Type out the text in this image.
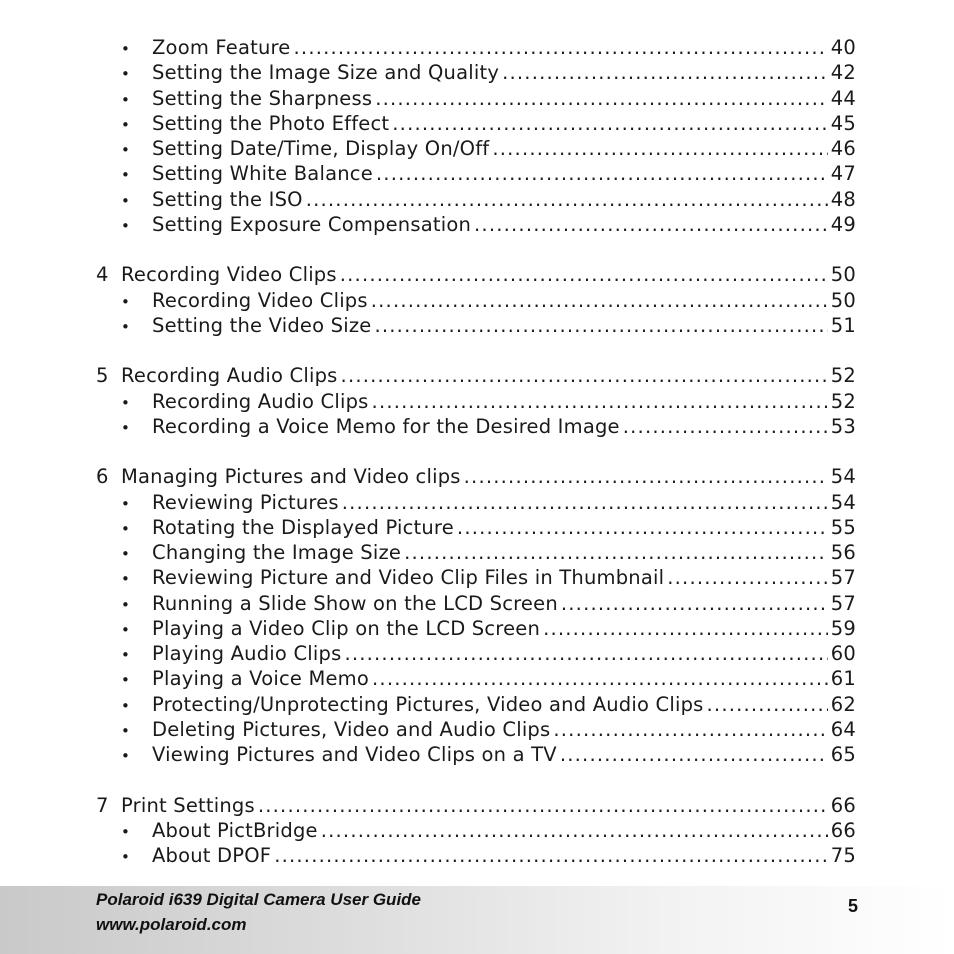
•	Zoom Feature .....	40
•	Setting the Image Size and Quality .....	42
•	Setting the Sharpness .....	44
•	Setting the Photo Effect .....	45
•	Setting Date/Time, Display On/Off .....	46
•	Setting White Balance .....	47
•	Setting the ISO .....	48
•	Setting Exposure Compensation .....	49
4 Recording Video Clips .....	50
•	Recording Video Clips .....	50
•	Setting the Video Size .....	51
5 Recording Audio Clips .....	52
•	Recording Audio Clips .....	52
•	Recording a Voice Memo for the Desired Image .....	53
6 Managing Pictures and Video clips .....	54
•	Reviewing Pictures .....	54
•	Rotating the Displayed Picture .....	55
•	Changing the Image Size .....	56
•	Reviewing Picture and Video Clip Files in Thumbnail .....	57
•	Running a Slide Show on the LCD Screen .....	57
•	Playing a Video Clip on the LCD Screen .....	59
•	Playing Audio Clips .....	60
•	Playing a Voice Memo .....	61
•	Protecting/Unprotecting Pictures, Video and Audio Clips .....	62
•	Deleting Pictures, Video and Audio Clips .....	64
•	Viewing Pictures and Video Clips on a TV .....	65
7 Print Settings .....	66
•	About PictBridge .....	66
•	About DPOF .....	75
Polaroid i639 Digital Camera User Guide
www.polaroid.com
5
